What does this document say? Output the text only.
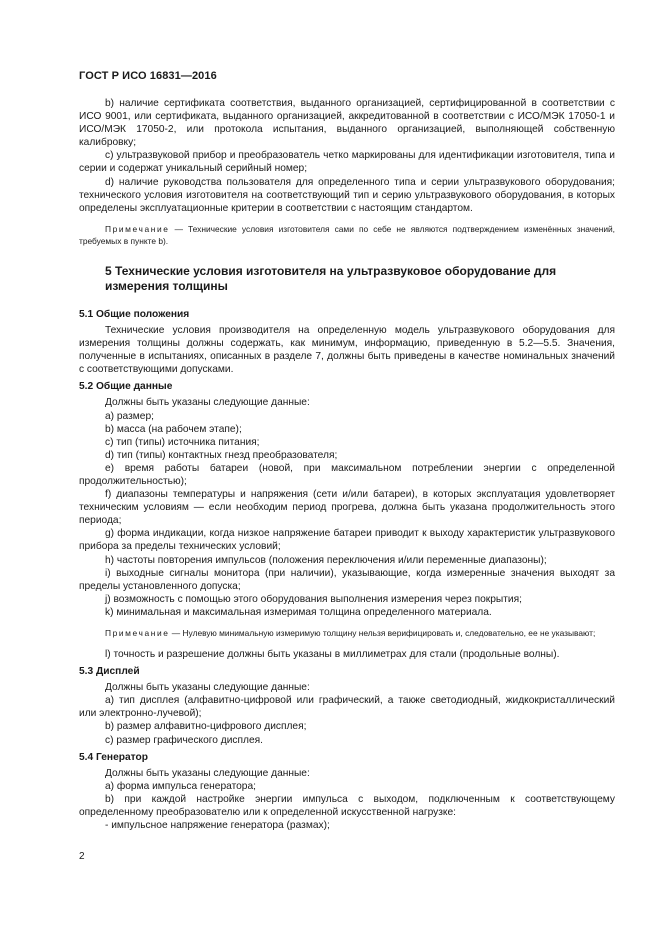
ГОСТ Р ИСО 16831—2016

b) наличие сертификата соответствия, выданного организацией, сертифицированной в соответствии с ИСО 9001, или сертификата, выданного организацией, аккредитованной в соответствии с ИСО/МЭК 17050-1 и ИСО/МЭК 17050-2, или протокола испытания, выданного организацией, выполняющей собственную калибровку;

c) ультразвуковой прибор и преобразователь четко маркированы для идентификации изготовителя, типа и серии и содержат уникальный серийный номер;

d) наличие руководства пользователя для определенного типа и серии ультразвукового оборудования; технического условия изготовителя на соответствующий тип и серию ультразвукового оборудования, в которых определены эксплуатационные критерии в соответствии с настоящим стандартом.

Примечание — Технические условия изготовителя сами по себе не являются подтверждением изменённых значений, требуемых в пункте b).

5 Технические условия изготовителя на ультразвуковое оборудование для измерения толщины

5.1 Общие положения

Технические условия производителя на определенную модель ультразвукового оборудования для измерения толщины должны содержать, как минимум, информацию, приведенную в 5.2—5.5. Значения, полученные в испытаниях, описанных в разделе 7, должны быть приведены в качестве номинальных значений с соответствующими допусками.

5.2 Общие данные

Должны быть указаны следующие данные:

a) размер;

b) масса (на рабочем этапе);

c) тип (типы) источника питания;

d) тип (типы) контактных гнезд преобразователя;

e) время работы батареи (новой, при максимальном потреблении энергии с определенной продолжительностью);

f) диапазоны температуры и напряжения (сети и/или батареи), в которых эксплуатация удовлетворяет техническим условиям — если необходим период прогрева, должна быть указана продолжительность этого периода;

g) форма индикации, когда низкое напряжение батареи приводит к выходу характеристик ультразвукового прибора за пределы технических условий;

h) частоты повторения импульсов (положения переключения и/или переменные диапазоны);

i) выходные сигналы монитора (при наличии), указывающие, когда измеренные значения выходят за пределы установленного допуска;

j) возможность с помощью этого оборудования выполнения измерения через покрытия;

k) минимальная и максимальная измеримая толщина определенного материала.

Примечание — Нулевую минимальную измеримую толщину нельзя верифицировать и, следовательно, ее не указывают;

l) точность и разрешение должны быть указаны в миллиметрах для стали (продольные волны).

5.3 Дисплей

Должны быть указаны следующие данные:

a) тип дисплея (алфавитно-цифровой или графический, а также светодиодный, жидкокристаллический или электронно-лучевой);

b) размер алфавитно-цифрового дисплея;

c) размер графического дисплея.

5.4 Генератор

Должны быть указаны следующие данные:

a) форма импульса генератора;

b) при каждой настройке энергии импульса с выходом, подключенным к соответствующему определенному преобразователю или к определенной искусственной нагрузке:

- импульсное напряжение генератора (размах);

2
